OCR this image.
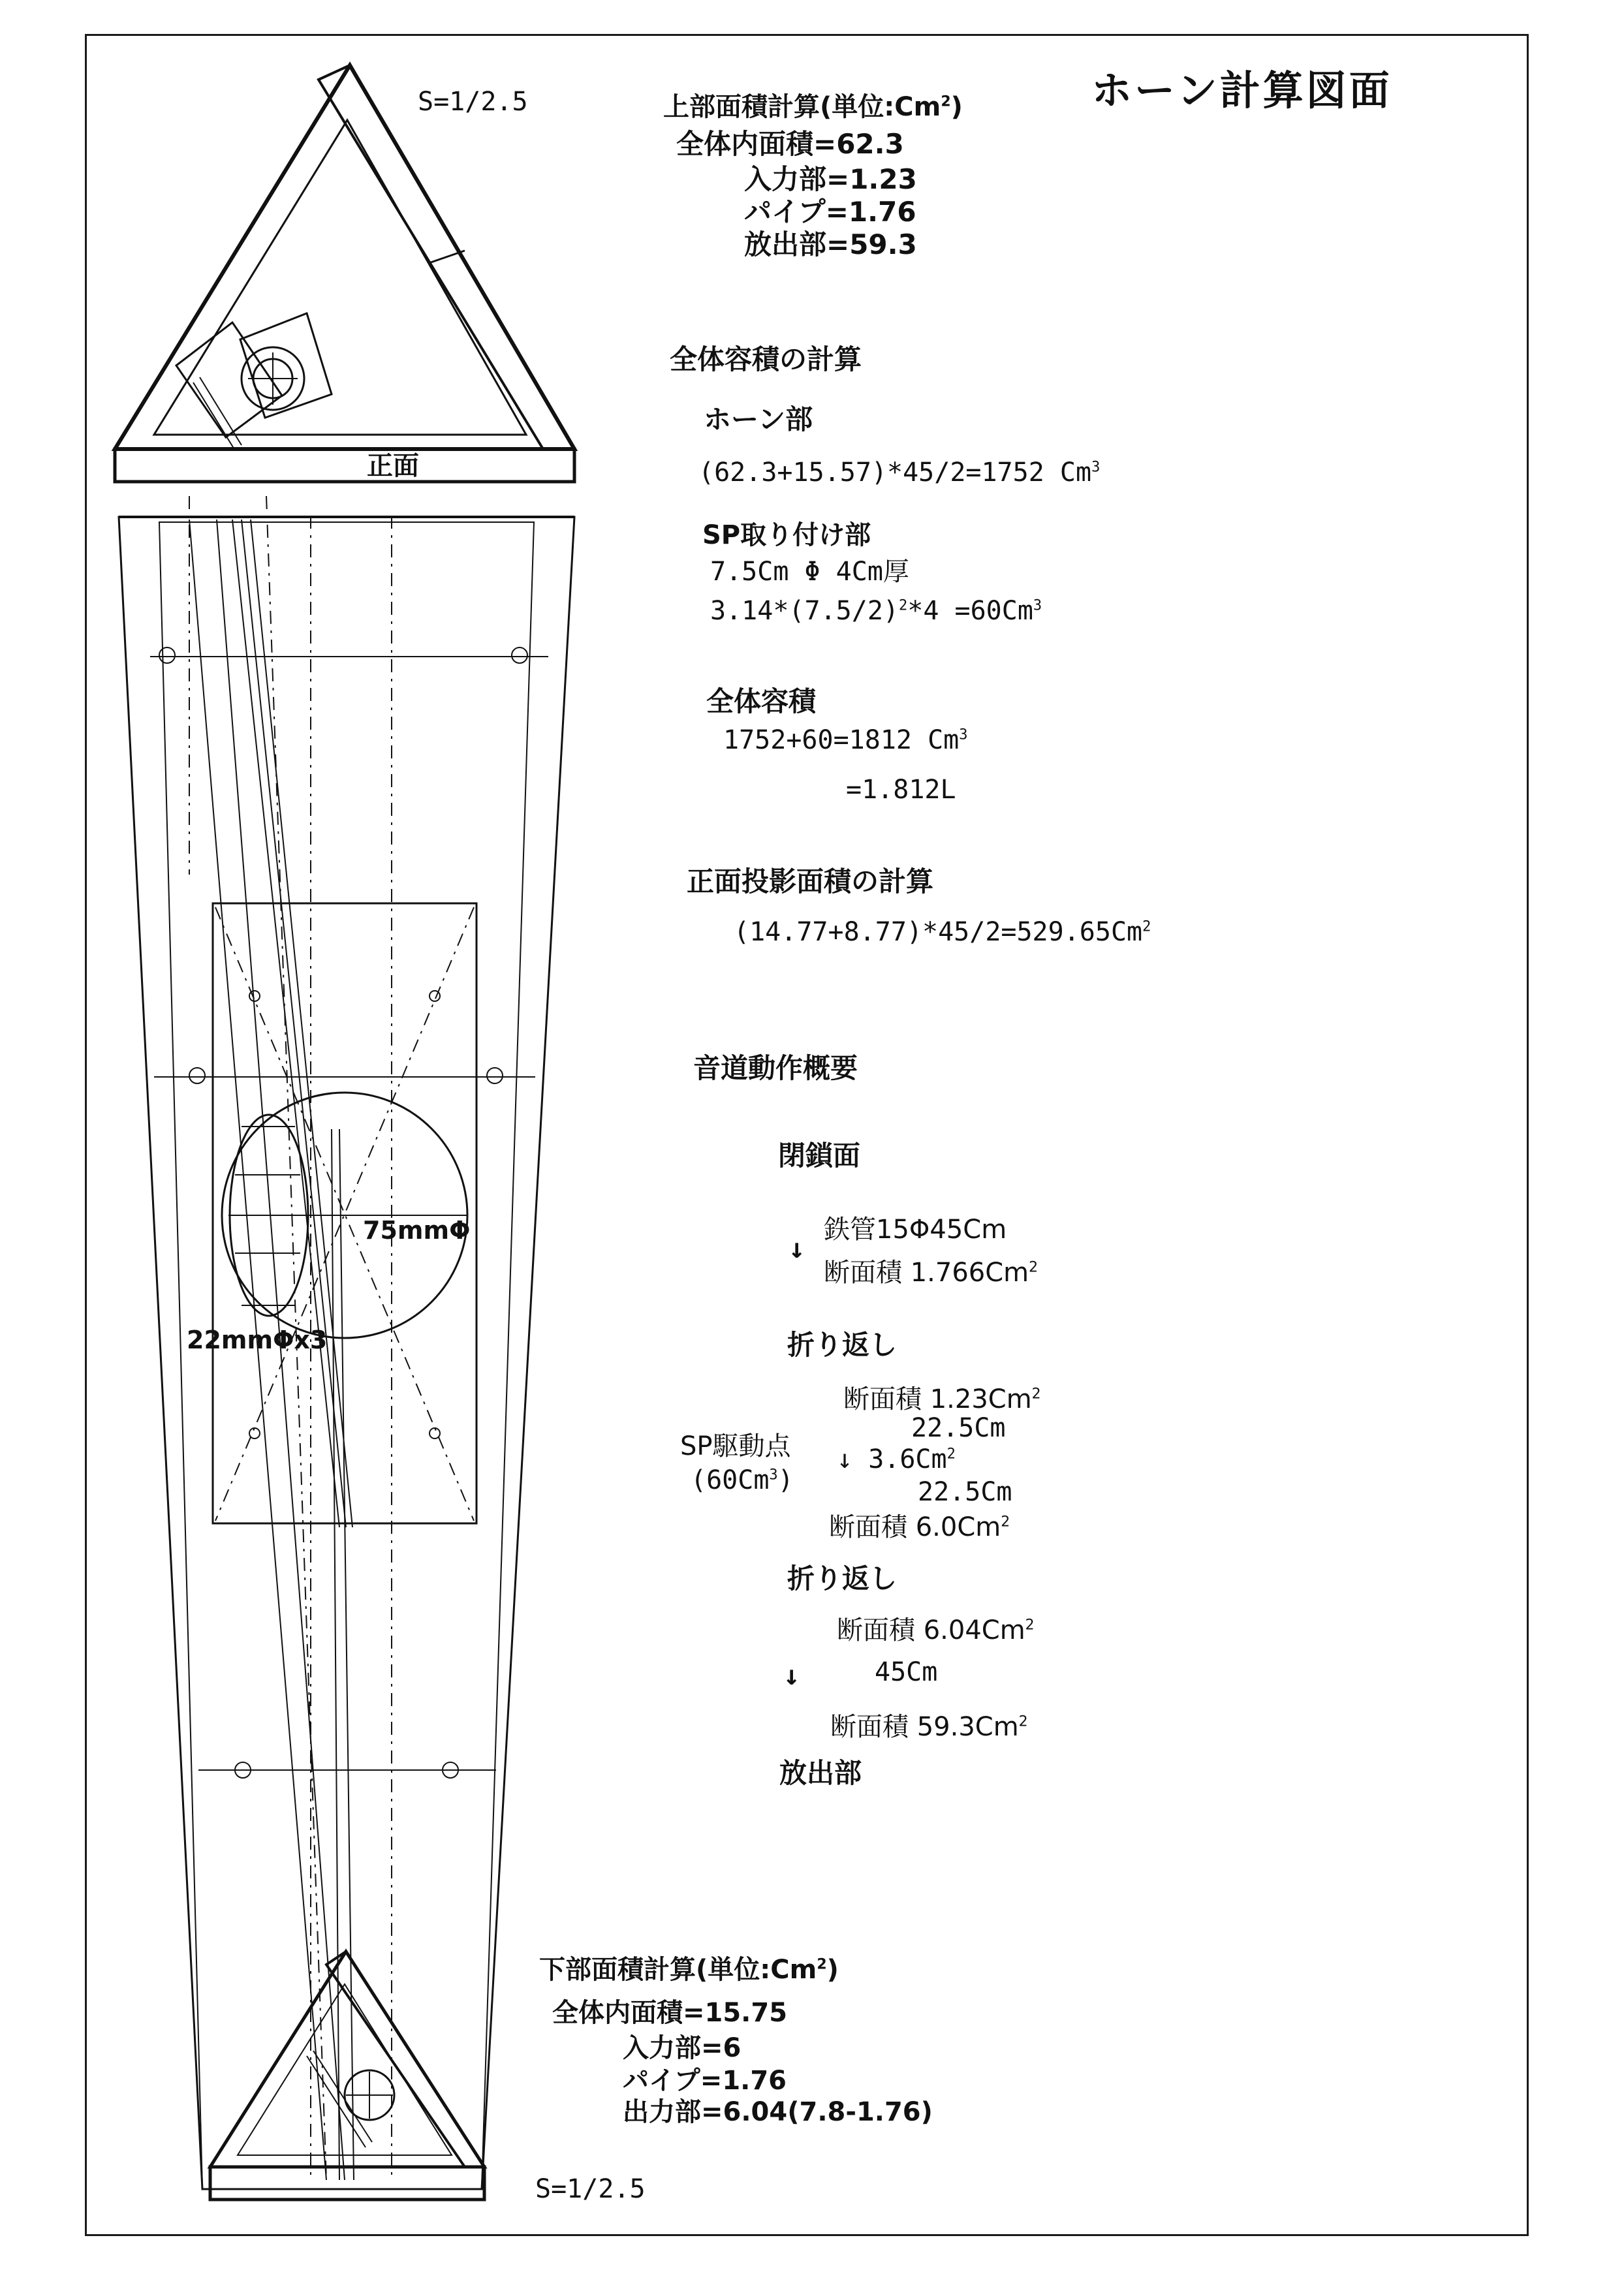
S=1/2.5
正面
75mmΦ
22mmΦx3
S=1/2.5
ホーン計算図面
上部面積計算(単位:Cm$^2$)
全体内面積=62.3
入力部=1.23
パイプ=1.76
放出部=59.3
全体容積の計算
ホーン部
(62.3+15.57)*45/2=1752 Cm$^3$
SP取り付け部
7.5Cm Φ 4Cm厚
$3.14*(7.5/2)^2*4 =60Cm^3$
全体容積
1752+60=1812 $Cm^3$
=1.812L
正面投影面積の計算
$(14.77+8.77)*45/2=529.65Cm^2$
音道動作概要
閉鎖面
↓
鉄管15Φ45Cm
断面積 1.766Cm$^2$
折り返し
断面積 1.23Cm$^2$
22.5Cm
SP駆動点
(60Cm$^3$)
↓ 3.6Cm$^2$
22.5Cm
断面積 6.0Cm$^2$
折り返し
断面積 6.04Cm$^2$
↓	45Cm
断面積 59.3Cm$^2$
放出部
下部面積計算(単位:Cm$^2$)
全体内面積=15.75
入力部=6
パイプ=1.76
出力部=6.04(7.8-1.76)
